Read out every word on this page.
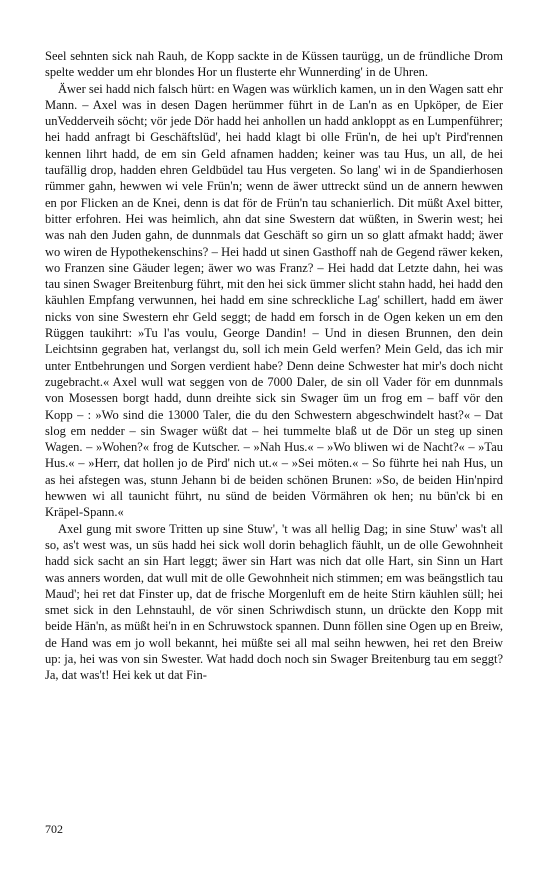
Seel sehnten sick nah Rauh, de Kopp sackte in de Küssen taurügg, un de fründliche Drom spelte wedder um ehr blondes Hor un flusterte ehr Wunnerding' in de Uhren.

Äwer sei hadd nich falsch hürt: en Wagen was würklich kamen, un in den Wagen satt ehr Mann. – Axel was in desen Dagen herümmer führt in de Lan'n as en Upköper, de Eier unVedderveih söcht; vör jede Dör hadd hei anhollen un hadd ankloppt as en Lumpenführer; hei hadd anfragt bi Geschäftslüd', hei hadd klagt bi olle Frün'n, de hei up't Pird'rennen kennen lihrt hadd, de em sin Geld afnamen hadden; keiner was tau Hus, un all, de hei taufällig drop, hadden ehren Geldbüdel tau Hus vergeten. So lang' wi in de Spandierhosen rümmer gahn, hewwen wi vele Frün'n; wenn de äwer uttreckt sünd un de annern hewwen en por Flicken an de Knei, denn is dat för de Frün'n tau schanierlich. Dit müßt Axel bitter, bitter erfohren. Hei was heimlich, ahn dat sine Swestern dat wüßten, in Swerin west; hei was nah den Juden gahn, de dunnmals dat Geschäft so girn un so glatt afmakt hadd; äwer wo wiren de Hypothekenschins? – Hei hadd ut sinen Gasthoff nah de Gegend räwer keken, wo Franzen sine Gäuder legen; äwer wo was Franz? – Hei hadd dat Letzte dahn, hei was tau sinen Swager Breitenburg führt, mit den hei sick ümmer slicht stahn hadd, hei hadd den käuhlen Empfang verwunnen, hei hadd em sine schreckliche Lag' schillert, hadd em äwer nicks von sine Swestern ehr Geld seggt; de hadd em forsch in de Ogen keken un em den Rüggen taukihrt: »Tu l'as voulu, George Dandin! – Und in diesen Brunnen, den dein Leichtsinn gegraben hat, verlangst du, soll ich mein Geld werfen? Mein Geld, das ich mir unter Entbehrungen und Sorgen verdient habe? Denn deine Schwester hat mir's doch nicht zugebracht.« Axel wull wat seggen von de 7000 Daler, de sin oll Vader för em dunnmals von Mosessen borgt hadd, dunn dreihte sick sin Swager üm un frog em – baff vör den Kopp – : »Wo sind die 13000 Taler, die du den Schwestern abgeschwindelt hast?« – Dat slog em nedder – sin Swager wüßt dat – hei tummelte blaß ut de Dör un steg up sinen Wagen. – »Wohen?« frog de Kutscher. – »Nah Hus.« – »Wo bliwen wi de Nacht?« – »Tau Hus.« – »Herr, dat hollen jo de Pird' nich ut.« – »Sei möten.« – So führte hei nah Hus, un as hei afstegen was, stunn Jehann bi de beiden schönen Brunen: »So, de beiden Hin'npird hewwen wi all taunicht führt, nu sünd de beiden Vörmähren ok hen; nu bün'ck bi en Kräpel-Spann.«

Axel gung mit swore Tritten up sine Stuw', 't was all hellig Dag; in sine Stuw' was't all so, as't west was, un süs hadd hei sick woll dorin behaglich fäuhlt, un de olle Gewohnheit hadd sick sacht an sin Hart leggt; äwer sin Hart was nich dat olle Hart, sin Sinn un Hart was anners worden, dat wull mit de olle Gewohnheit nich stimmen; em was beängstlich tau Maud'; hei ret dat Finster up, dat de frische Morgenluft em de heite Stirn käuhlen süll; hei smet sick in den Lehnstauhl, de vör sinen Schriwdisch stunn, un drückte den Kopp mit beide Hän'n, as müßt hei'n in en Schruwstock spannen. Dunn föllen sine Ogen up en Breiw, de Hand was em jo woll bekannt, hei müßte sei all mal seihn hewwen, hei ret den Breiw up: ja, hei was von sin Swester. Wat hadd doch noch sin Swager Breitenburg tau em seggt? Ja, dat was't! Hei kek ut dat Fin-

702
